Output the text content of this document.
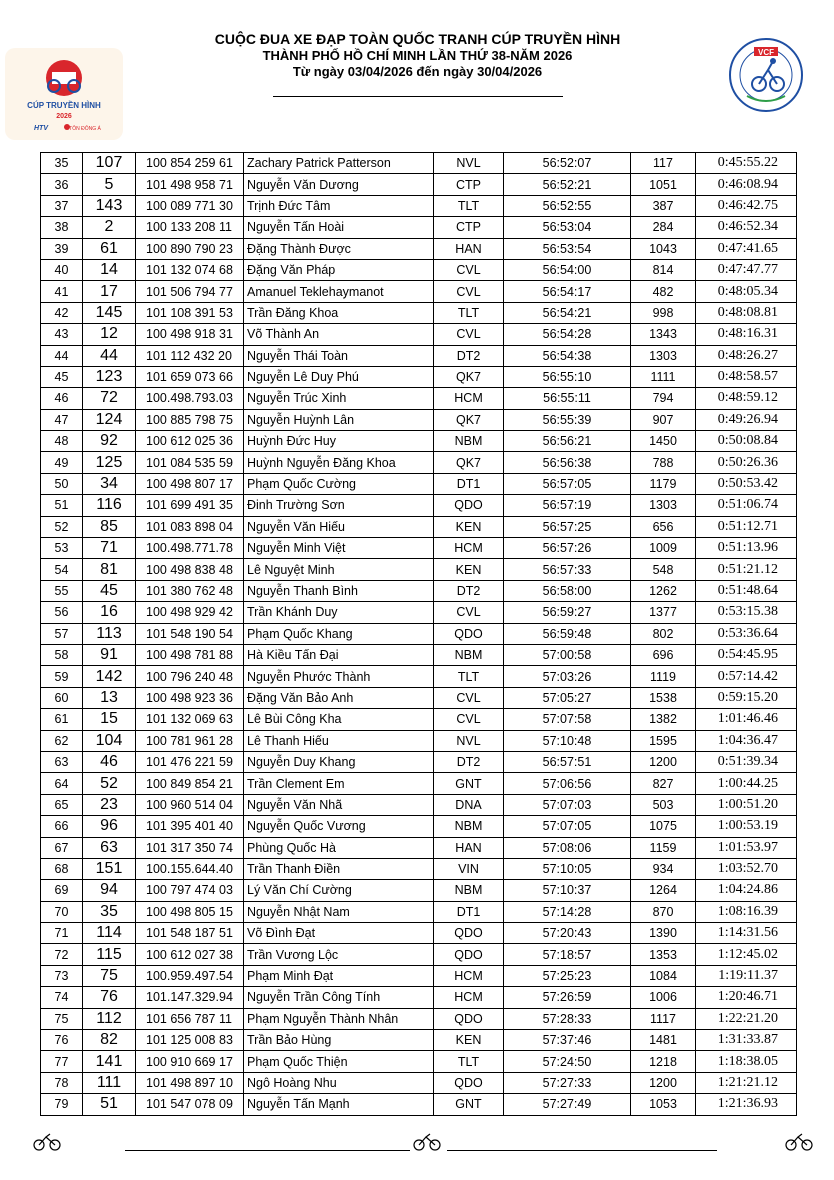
CÚP TRUYỀN HÌNH
2026
HTV	TÔN ĐÔNG Á
CUỘC ĐUA XE ĐẠP TOÀN QUỐC TRANH CÚP TRUYỀN HÌNH
THÀNH PHỐ HỒ CHÍ MINH LẦN THỨ 38-NĂM 2026
Từ ngày 03/04/2026 đến ngày 30/04/2026
VCF
35	107	100 854 259 61	Zachary Patrick Patterson	NVL	56:52:07	117	0:45:55.22
36	5	101 498 958 71	Nguyễn Văn Dương	CTP	56:52:21	1051	0:46:08.94
37	143	100 089 771 30	Trịnh Đức Tâm	TLT	56:52:55	387	0:46:42.75
38	2	100 133 208 11	Nguyễn Tấn Hoài	CTP	56:53:04	284	0:46:52.34
39	61	100 890 790 23	Đặng Thành Được	HAN	56:53:54	1043	0:47:41.65
40	14	101 132 074 68	Đặng Văn Pháp	CVL	56:54:00	814	0:47:47.77
41	17	101 506 794 77	Amanuel Teklehaymanot	CVL	56:54:17	482	0:48:05.34
42	145	101 108 391 53	Trần Đăng Khoa	TLT	56:54:21	998	0:48:08.81
43	12	100 498 918 31	Võ Thành An	CVL	56:54:28	1343	0:48:16.31
44	44	101 112 432 20	Nguyễn Thái Toàn	DT2	56:54:38	1303	0:48:26.27
45	123	101 659 073 66	Nguyễn Lê Duy Phú	QK7	56:55:10	1111	0:48:58.57
46	72	100.498.793.03	Nguyễn Trúc Xinh	HCM	56:55:11	794	0:48:59.12
47	124	100 885 798 75	Nguyễn Huỳnh Lân	QK7	56:55:39	907	0:49:26.94
48	92	100 612 025 36	Huỳnh Đức Huy	NBM	56:56:21	1450	0:50:08.84
49	125	101 084 535 59	Huỳnh Nguyễn Đăng Khoa	QK7	56:56:38	788	0:50:26.36
50	34	100 498 807 17	Phạm Quốc Cường	DT1	56:57:05	1179	0:50:53.42
51	116	101 699 491 35	Đinh Trường Sơn	QDO	56:57:19	1303	0:51:06.74
52	85	101 083 898 04	Nguyễn Văn Hiếu	KEN	56:57:25	656	0:51:12.71
53	71	100.498.771.78	Nguyễn Minh Việt	HCM	56:57:26	1009	0:51:13.96
54	81	100 498 838 48	Lê Nguyệt Minh	KEN	56:57:33	548	0:51:21.12
55	45	101 380 762 48	Nguyễn Thanh Bình	DT2	56:58:00	1262	0:51:48.64
56	16	100 498 929 42	Trần Khánh Duy	CVL	56:59:27	1377	0:53:15.38
57	113	101 548 190 54	Phạm Quốc Khang	QDO	56:59:48	802	0:53:36.64
58	91	100 498 781 88	Hà Kiều Tấn Đại	NBM	57:00:58	696	0:54:45.95
59	142	100 796 240 48	Nguyễn Phước Thành	TLT	57:03:26	1119	0:57:14.42
60	13	100 498 923 36	Đặng Văn Bảo Anh	CVL	57:05:27	1538	0:59:15.20
61	15	101 132 069 63	Lê Bùi Công Kha	CVL	57:07:58	1382	1:01:46.46
62	104	100 781 961 28	Lê Thanh Hiếu	NVL	57:10:48	1595	1:04:36.47
63	46	101 476 221 59	Nguyễn Duy Khang	DT2	56:57:51	1200	0:51:39.34
64	52	100 849 854 21	Trần Clement Em	GNT	57:06:56	827	1:00:44.25
65	23	100 960 514 04	Nguyễn Văn Nhã	DNA	57:07:03	503	1:00:51.20
66	96	101 395 401 40	Nguyễn Quốc Vương	NBM	57:07:05	1075	1:00:53.19
67	63	101 317 350 74	Phùng Quốc Hà	HAN	57:08:06	1159	1:01:53.97
68	151	100.155.644.40	Trần Thanh Điền	VIN	57:10:05	934	1:03:52.70
69	94	100 797 474 03	Lý Văn Chí Cường	NBM	57:10:37	1264	1:04:24.86
70	35	100 498 805 15	Nguyễn Nhật Nam	DT1	57:14:28	870	1:08:16.39
71	114	101 548 187 51	Võ Đình Đạt	QDO	57:20:43	1390	1:14:31.56
72	115	100 612 027 38	Trần Vương Lộc	QDO	57:18:57	1353	1:12:45.02
73	75	100.959.497.54	Phạm Minh Đạt	HCM	57:25:23	1084	1:19:11.37
74	76	101.147.329.94	Nguyễn Trần Công Tính	HCM	57:26:59	1006	1:20:46.71
75	112	101 656 787 11	Phạm Nguyễn Thành Nhân	QDO	57:28:33	1117	1:22:21.20
76	82	101 125 008 83	Trần Bảo Hùng	KEN	57:37:46	1481	1:31:33.87
77	141	100 910 669 17	Phạm Quốc Thiện	TLT	57:24:50	1218	1:18:38.05
78	111	101 498 897 10	Ngô Hoàng Nhu	QDO	57:27:33	1200	1:21:21.12
79	51	101 547 078 09	Nguyễn Tấn Mạnh	GNT	57:27:49	1053	1:21:36.93
